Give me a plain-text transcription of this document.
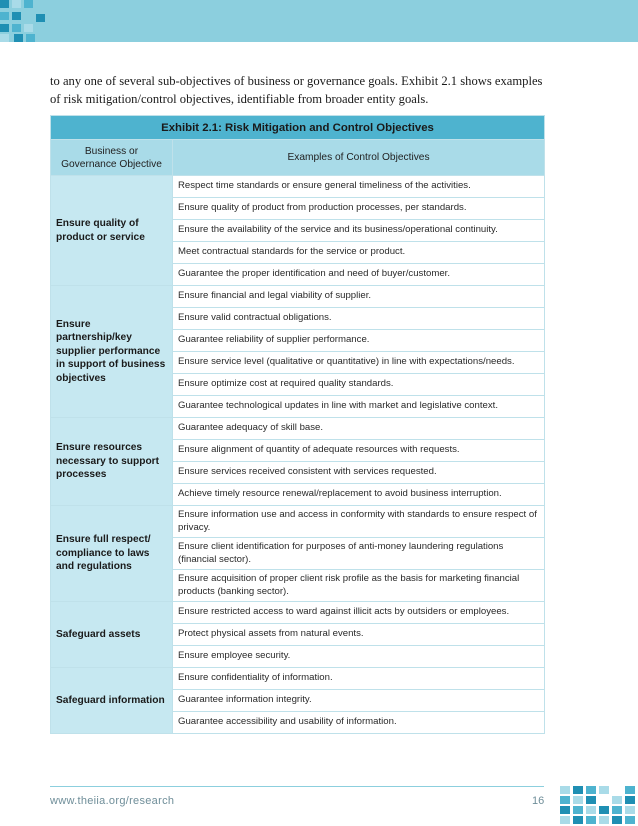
to any one of several sub-objectives of business or governance goals. Exhibit 2.1 shows examples of risk mitigation/control objectives, identifiable from broader entity goals.

Exhibit 2.1: Risk Mitigation and Control Objectives	
Business or Governance Objective	Examples of Control Objectives
Ensure quality of product or service	Respect time standards or ensure general timeliness of the activities.
	Ensure quality of product from production processes, per standards.
	Ensure the availability of the service and its business/operational continuity.
	Meet contractual standards for the service or product.
	Guarantee the proper identification and need of buyer/customer.
Ensure partnership/key supplier performance in support of business objectives	Ensure financial and legal viability of supplier.
	Ensure valid contractual obligations.
	Guarantee reliability of supplier performance.
	Ensure service level (qualitative or quantitative) in line with expectations/needs.
	Ensure optimize cost at required quality standards.
	Guarantee technological updates in line with market and legislative context.
Ensure resources necessary to support processes	Guarantee adequacy of skill base.
	Ensure alignment of quantity of adequate resources with requests.
	Ensure services received consistent with services requested.
	Achieve timely resource renewal/replacement to avoid business interruption.
Ensure full respect/ compliance to laws and regulations	Ensure information use and access in conformity with standards to ensure respect of privacy.
	Ensure client identification for purposes of anti-money laundering regulations (financial sector).
	Ensure acquisition of proper client risk profile as the basis for marketing financial products (banking sector).
Safeguard assets	Ensure restricted access to ward against illicit acts by outsiders or employees.
	Protect physical assets from natural events.
	Ensure employee security.
Safeguard information	Ensure confidentiality of information.
	Guarantee information integrity.
	Guarantee accessibility and usability of information.
www.theiia.org/research	16
